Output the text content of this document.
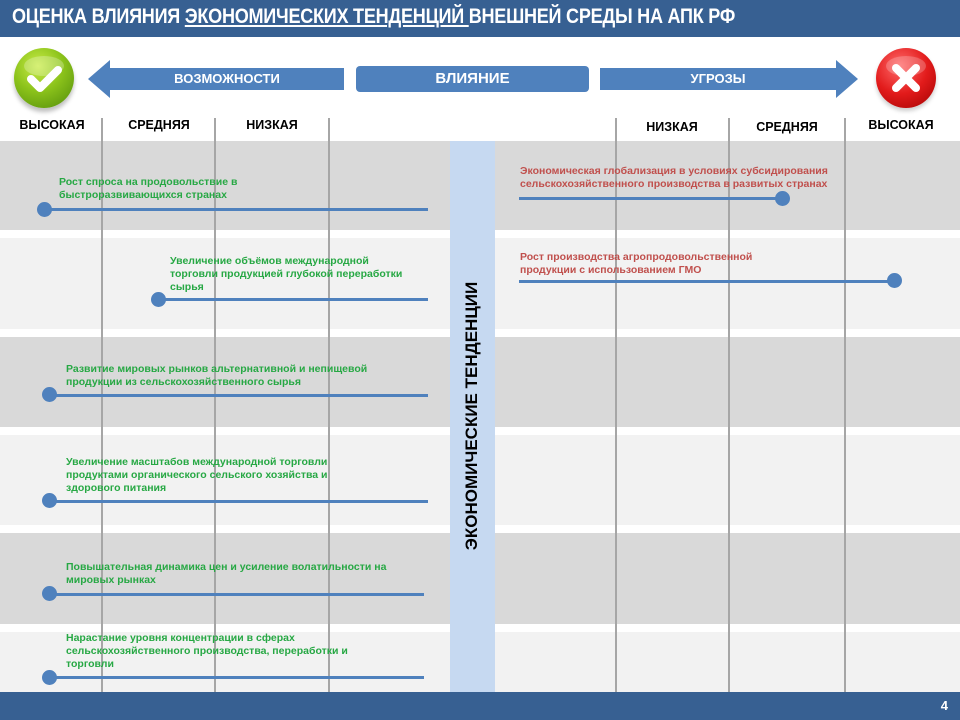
ОЦЕНКА ВЛИЯНИЯ ЭКОНОМИЧЕСКИХ ТЕНДЕНЦИЙ ВНЕШНЕЙ СРЕДЫ НА АПК РФ
ВОЗМОЖНОСТИ	ВЛИЯНИЕ	УГРОЗЫ
ВЫСОКАЯ	СРЕДНЯЯ	НИЗКАЯ	НИЗКАЯ	СРЕДНЯЯ	ВЫСОКАЯ
ЭКОНОМИЧЕСКИЕ ТЕНДЕНЦИИ
Рост спроса на продовольствие в быстроразвивающихся странах
Увеличение объёмов международной торговли продукцией глубокой переработки сырья
Развитие мировых рынков альтернативной и непищевой продукции из сельскохозяйственного сырья
Увеличение масштабов международной торговли продуктами органического сельского хозяйства и здорового питания
Повышательная динамика цен и усиление волатильности на мировых рынках
Нарастание уровня концентрации в сферах сельскохозяйственного производства, переработки и торговли
Экономическая глобализация в условиях субсидирования сельскохозяйственного производства в развитых странах
Рост производства агропродовольственной продукции с использованием ГМО
4
